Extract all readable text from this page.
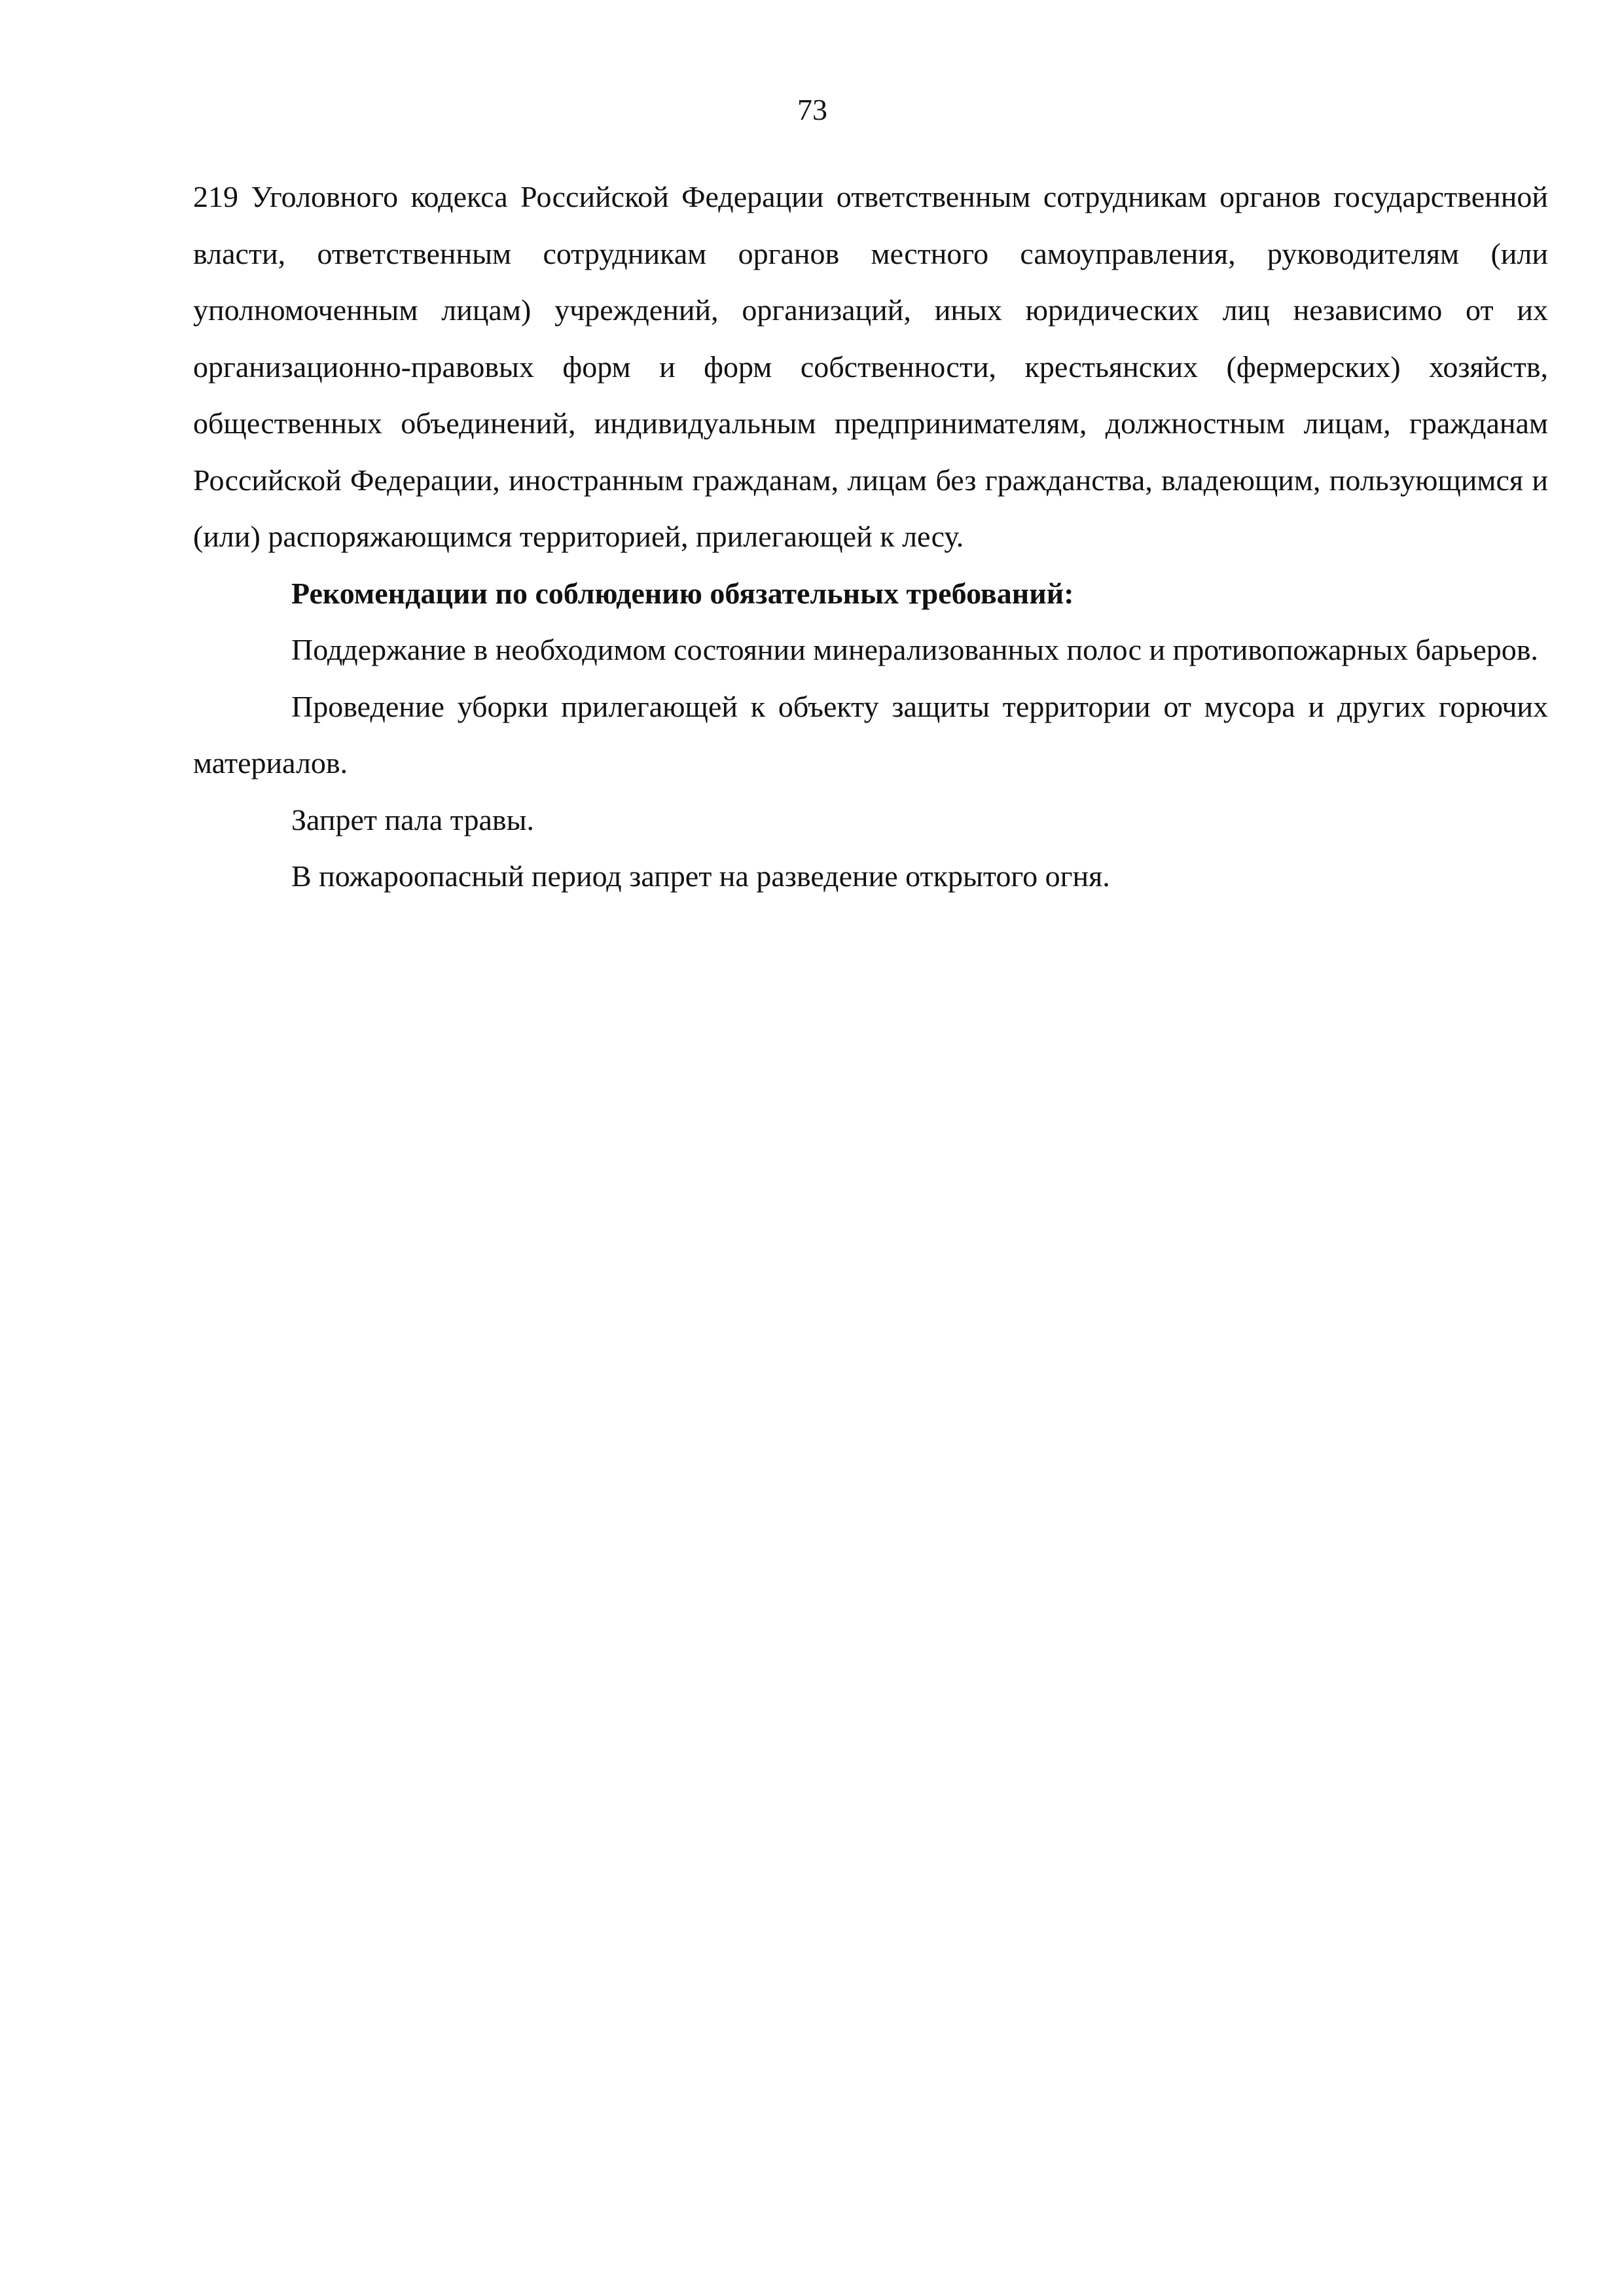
73

219 Уголовного кодекса Российской Федерации ответственным сотрудникам органов государственной власти, ответственным сотрудникам органов местного самоуправления, руководителям (или уполномоченным лицам) учреждений, организаций, иных юридических лиц независимо от их организационно-правовых форм и форм собственности, крестьянских (фермерских) хозяйств, общественных объединений, индивидуальным предпринимателям, должностным лицам, гражданам Российской Федерации, иностранным гражданам, лицам без гражданства, владеющим, пользующимся и (или) распоряжающимся территорией, прилегающей к лесу.

Рекомендации по соблюдению обязательных требований:

Поддержание в необходимом состоянии минерализованных полос и противопожарных барьеров.

Проведение уборки прилегающей к объекту защиты территории от мусора и других горючих материалов.

Запрет пала травы.

В пожароопасный период запрет на разведение открытого огня.
